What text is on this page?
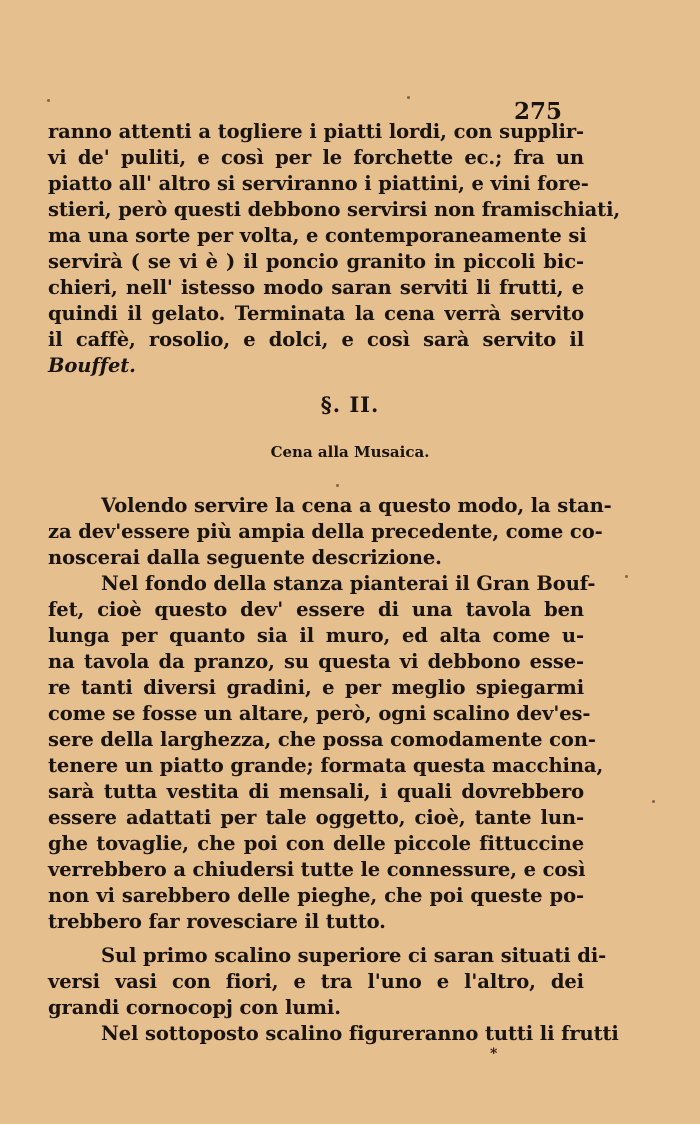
275
ranno attenti a togliere i piatti lordi, con supplir-
vi de' puliti, e così per le forchette ec.; fra un
piatto all' altro si serviranno i piattini, e vini fore-
stieri, però questi debbono servirsi non framischiati,
ma una sorte per volta, e contemporaneamente si
servirà ( se vi è ) il poncio granito in piccoli bic-
chieri, nell' istesso modo saran serviti li frutti, e
quindi il gelato. Terminata la cena verrà servito
il caffè, rosolio, e dolci, e così sarà servito il
Bouffet.
§. II.
Cena alla Musaica.
Volendo servire la cena a questo modo, la stan-
za dev'essere più ampia della precedente, come co-
noscerai dalla seguente descrizione.
Nel fondo della stanza pianterai il Gran Bouf-
fet, cioè questo dev' essere di una tavola ben
lunga per quanto sia il muro, ed alta come u-
na tavola da pranzo, su questa vi debbono esse-
re tanti diversi gradini, e per meglio spiegarmi
come se fosse un altare, però, ogni scalino dev'es-
sere della larghezza, che possa comodamente con-
tenere un piatto grande; formata questa macchina,
sarà tutta vestita di mensali, i quali dovrebbero
essere adattati per tale oggetto, cioè, tante lun-
ghe tovaglie, che poi con delle piccole fittuccine
verrebbero a chiudersi tutte le connessure, e così
non vi sarebbero delle pieghe, che poi queste po-
trebbero far rovesciare il tutto.
Sul primo scalino superiore ci saran situati di-
versi vasi con fiori, e tra l'uno e l'altro, dei
grandi cornocopj con lumi.
Nel sottoposto scalino figureranno tutti li frutti
*
